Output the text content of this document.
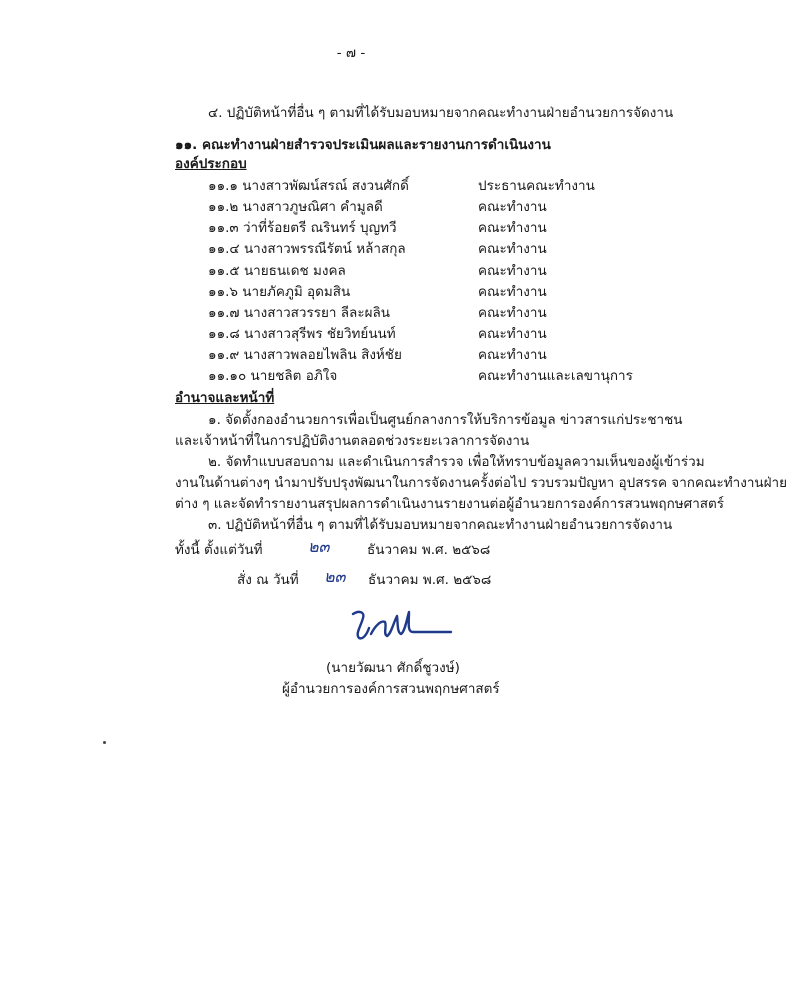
- ๗ -
๔. ปฏิบัติหน้าที่อื่น ๆ ตามที่ได้รับมอบหมายจากคณะทำงานฝ่ายอำนวยการจัดงาน
๑๑. คณะทำงานฝ่ายสำรวจประเมินผลและรายงานการดำเนินงาน
องค์ประกอบ
๑๑.๑ นางสาวพัฒน์สรณ์ สงวนศักดิ์	ประธานคณะทำงาน
๑๑.๒ นางสาวภูษณิศา คำมูลดี	คณะทำงาน
๑๑.๓ ว่าที่ร้อยตรี ณรินทร์ บุญทวี	คณะทำงาน
๑๑.๔ นางสาวพรรณีรัตน์ หล้าสกุล	คณะทำงาน
๑๑.๕ นายธนเดช มงคล	คณะทำงาน
๑๑.๖ นายภัคภูมิ อุดมสิน	คณะทำงาน
๑๑.๗ นางสาวสวรรยา ลีละผลิน	คณะทำงาน
๑๑.๘ นางสาวสุรีพร ชัยวิทย์นนท์	คณะทำงาน
๑๑.๙ นางสาวพลอยไพลิน สิงห์ชัย	คณะทำงาน
๑๑.๑๐ นายชลิต อภิใจ	คณะทำงานและเลขานุการ
อำนาจและหน้าที่
๑. จัดตั้งกองอำนวยการเพื่อเป็นศูนย์กลางการให้บริการข้อมูล ข่าวสารแก่ประชาชน
และเจ้าหน้าที่ในการปฏิบัติงานตลอดช่วงระยะเวลาการจัดงาน
๒. จัดทำแบบสอบถาม และดำเนินการสำรวจ เพื่อให้ทราบข้อมูลความเห็นของผู้เข้าร่วม
งานในด้านต่างๆ นำมาปรับปรุงพัฒนาในการจัดงานครั้งต่อไป รวบรวมปัญหา อุปสรรค จากคณะทำงานฝ่าย
ต่าง ๆ และจัดทำรายงานสรุปผลการดำเนินงานรายงานต่อผู้อำนวยการองค์การสวนพฤกษศาสตร์
๓. ปฏิบัติหน้าที่อื่น ๆ ตามที่ได้รับมอบหมายจากคณะทำงานฝ่ายอำนวยการจัดงาน
ทั้งนี้ ตั้งแต่วันที่	๒๓	ธันวาคม พ.ศ. ๒๕๖๘
สั่ง ณ วันที่ ๒๓ ธันวาคม พ.ศ. ๒๕๖๘
(นายวัฒนา ศักดิ์ชูวงษ์)
ผู้อำนวยการองค์การสวนพฤกษศาสตร์
